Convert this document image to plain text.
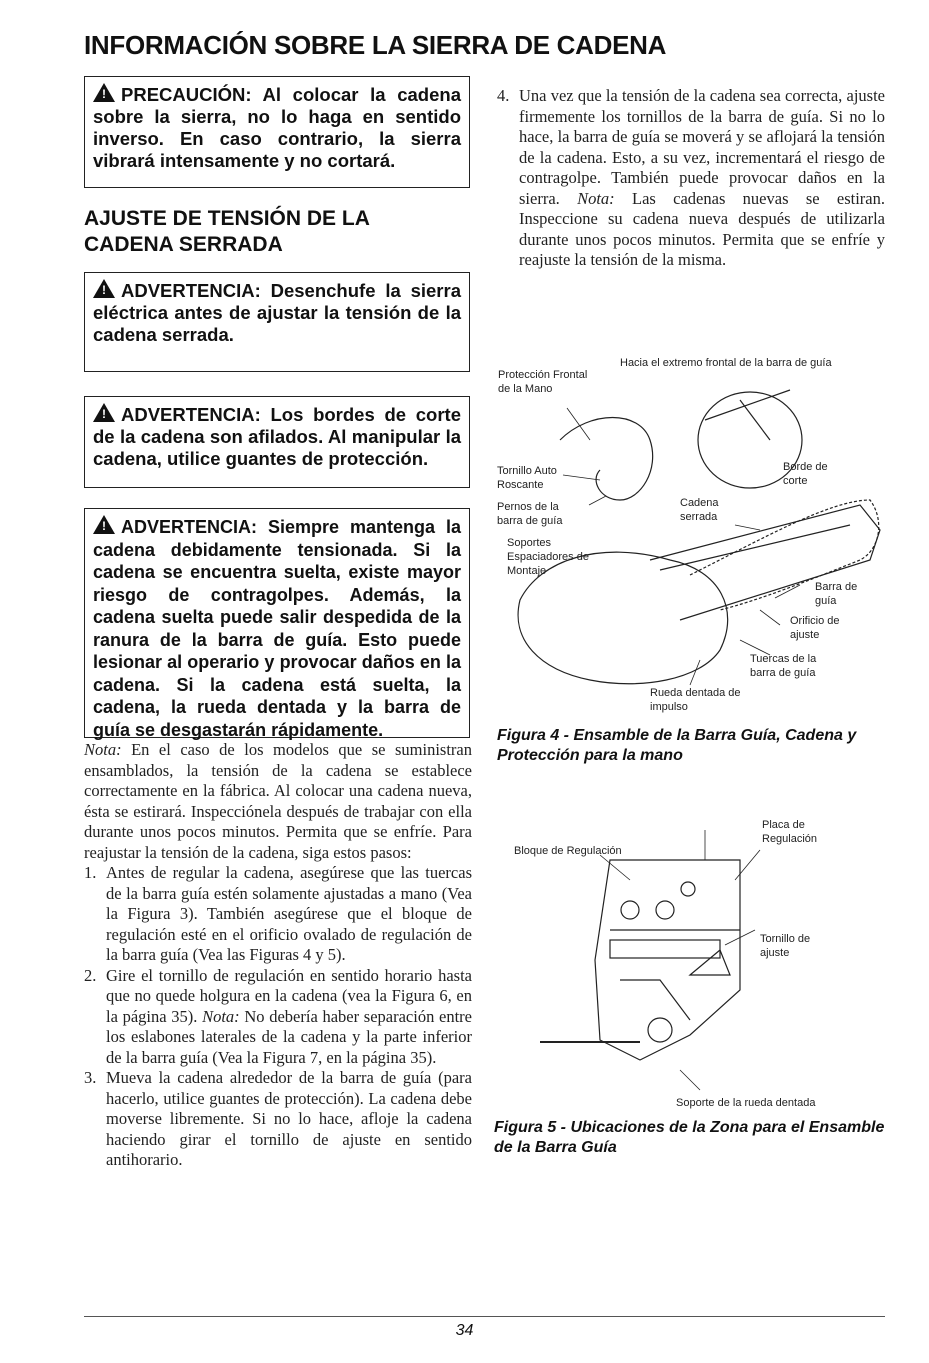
INFORMACIÓN SOBRE LA SIERRA DE CADENA
!PRECAUCIÓN: Al colocar la cadena sobre la sierra, no lo haga en sentido inverso. En caso contrario, la sierra vibrará intensamente y no cortará.
AJUSTE DE TENSIÓN DE LA CADENA SERRADA
!ADVERTENCIA: Desenchufe la sierra eléctrica antes de ajustar la tensión de la cadena serrada.
!ADVERTENCIA: Los bordes de corte de la cadena son afilados. Al manipular la cadena, utilice guantes de protección.
!ADVERTENCIA: Siempre mantenga la cadena debidamente tensionada. Si la cadena se encuentra suelta, existe mayor riesgo de contragolpes. Además, la cadena suelta puede salir despedida de la ranura de la barra de guía. Esto puede lesionar al operario y provocar daños en la cadena. Si la cadena está suelta, la cadena, la rueda dentada y la barra de guía se desgastarán rápidamente.

Nota: En el caso de los modelos que se suministran ensamblados, la tensión de la cadena se establece correctamente en la fábrica. Al colocar una cadena nueva, ésta se estirará. Inspecciónela después de trabajar con ella durante unos pocos minutos. Permita que se enfríe. Para reajustar la tensión de la cadena, siga estos pasos:

1. Antes de regular la cadena, asegúrese que las tuercas de la barra guía estén solamente ajustadas a mano (Vea la Figura 3). También asegúrese que el bloque de regulación esté en el orificio ovalado de regulación de la barra guía (Vea las Figuras 4 y 5).
2. Gire el tornillo de regulación en sentido horario hasta que no quede holgura en la cadena (vea la Figura 6, en la página 35). Nota: No debería haber separación entre los eslabones laterales de la cadena y la parte inferior de la barra guía (Vea la Figura 7, en la página 35).
3. Mueva la cadena alrededor de la barra de guía (para hacerlo, utilice guantes de protección). La cadena debe moverse libremente. Si no lo hace, afloje la cadena haciendo girar el tornillo de ajuste en sentido antihorario.
4. Una vez que la tensión de la cadena sea correcta, ajuste firmemente los tornillos de la barra de guía. Si no lo hace, la barra de guía se moverá y se aflojará la tensión de la cadena. Esto, a su vez, incrementará el riesgo de contragolpe. También puede provocar daños en la sierra. Nota: Las cadenas nuevas se estiran. Inspeccione su cadena nueva después de utilizarla durante unos pocos minutos. Permita que se enfríe y reajuste la tensión de la misma.
Protección Frontal de la Mano
Hacia el extremo frontal de la barra de guía
Tornillo Auto Roscante
Pernos de la barra de guía
Soportes Espaciadores de Montaje
Cadena serrada
Borde de corte
Barra de guía
Orificio de ajuste
Tuercas de la barra de guía
Rueda dentada de impulso
Figura 4 - Ensamble de la Barra Guía, Cadena y Protección para la mano
Placa de Regulación
Bloque de Regulación
Tornillo de ajuste
Soporte de la rueda dentada
Figura 5 - Ubicaciones de la Zona para el Ensamble de la Barra Guía
34
